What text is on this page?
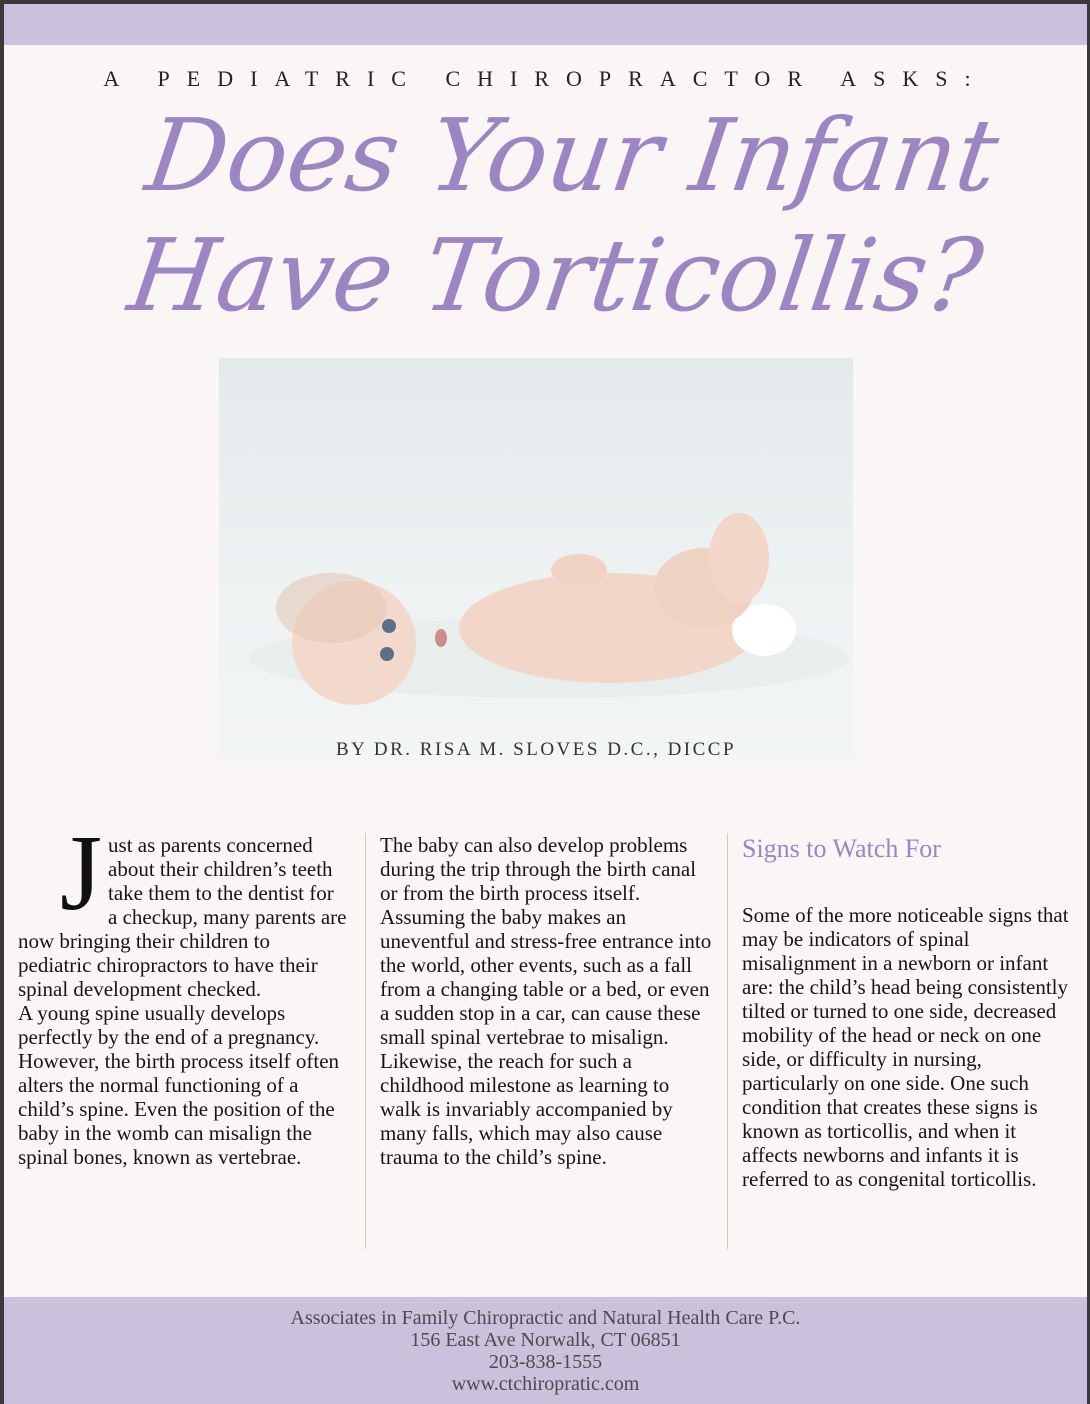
A PEDIATRIC CHIROPRACTOR ASKS:
Does Your Infant
Have Torticollis?
BY DR. RISA M. SLOVES D.C., DICCP
J ust as parents concerned about their children’s teeth take them to the dentist for a checkup, many parents are now bringing their children to pediatric chiropractors to have their spinal development checked.

A young spine usually develops perfectly by the end of a pregnancy. However, the birth process itself often alters the normal functioning of a child’s spine. Even the position of the baby in the womb can misalign the spinal bones, known as vertebrae.

The baby can also develop problems during the trip through the birth canal or from the birth process itself. Assuming the baby makes an uneventful and stress-free entrance into the world, other events, such as a fall from a changing table or a bed, or even a sudden stop in a car, can cause these small spinal vertebrae to misalign. Likewise, the reach for such a childhood milestone as learning to walk is invariably accompanied by many falls, which may also cause trauma to the child’s spine.

Signs to Watch For

Some of the more noticeable signs that may be indicators of spinal misalignment in a newborn or infant are: the child’s head being consistently tilted or turned to one side, decreased mobility of the head or neck on one side, or difficulty in nursing, particularly on one side. One such condition that creates these signs is known as torticollis, and when it affects newborns and infants it is referred to as congenital torticollis.

Associates in Family Chiropractic and Natural Health Care P.C.
156 East Ave Norwalk, CT 06851
203-838-1555
www.ctchiropratic.com
